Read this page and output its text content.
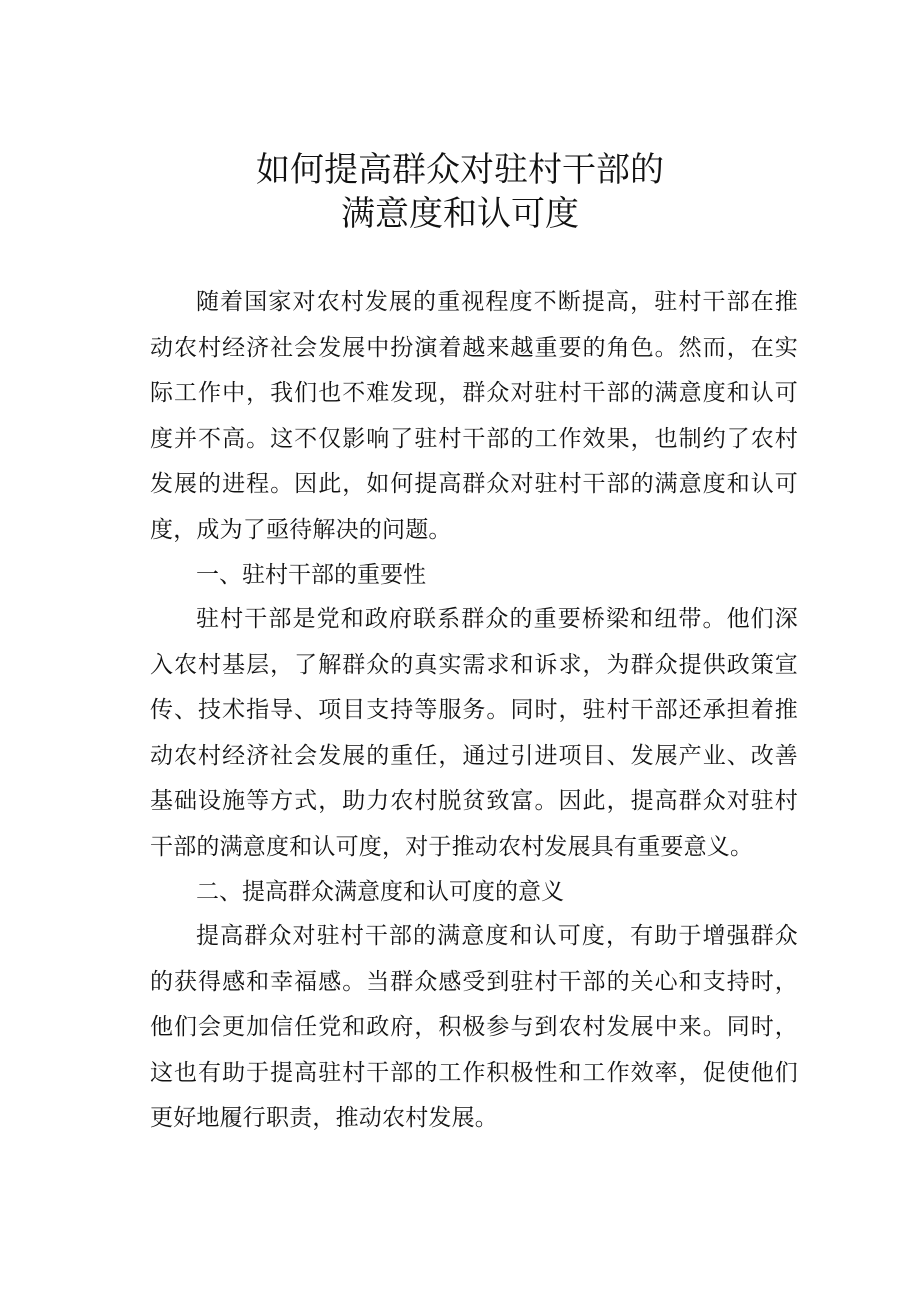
如何提高群众对驻村干部的
满意度和认可度

随着国家对农村发展的重视程度不断提高，驻村干部在推动农村经济社会发展中扮演着越来越重要的角色。然而，在实际工作中，我们也不难发现，群众对驻村干部的满意度和认可度并不高。这不仅影响了驻村干部的工作效果，也制约了农村发展的进程。因此，如何提高群众对驻村干部的满意度和认可度，成为了亟待解决的问题。

一、驻村干部的重要性

驻村干部是党和政府联系群众的重要桥梁和纽带。他们深入农村基层，了解群众的真实需求和诉求，为群众提供政策宣传、技术指导、项目支持等服务。同时，驻村干部还承担着推动农村经济社会发展的重任，通过引进项目、发展产业、改善基础设施等方式，助力农村脱贫致富。因此，提高群众对驻村干部的满意度和认可度，对于推动农村发展具有重要意义。

二、提高群众满意度和认可度的意义

提高群众对驻村干部的满意度和认可度，有助于增强群众的获得感和幸福感。当群众感受到驻村干部的关心和支持时，他们会更加信任党和政府，积极参与到农村发展中来。同时，这也有助于提高驻村干部的工作积极性和工作效率，促使他们更好地履行职责，推动农村发展。
